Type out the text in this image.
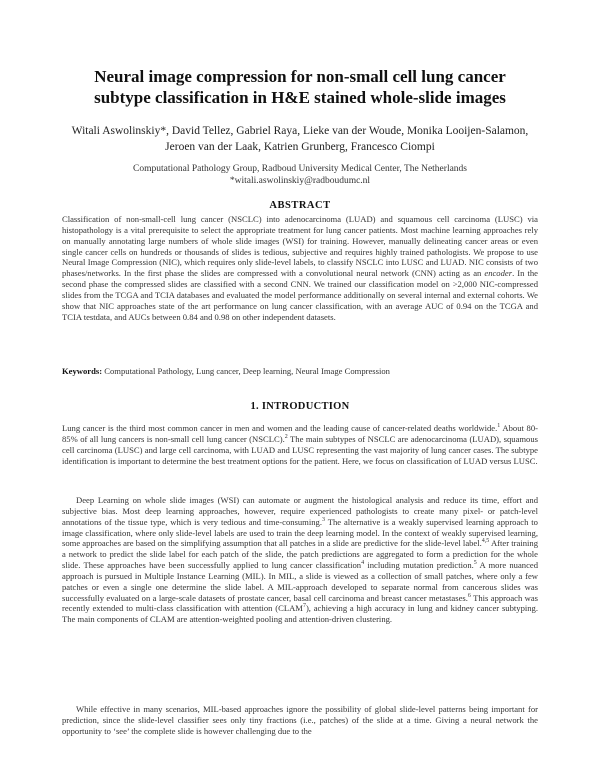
Neural image compression for non-small cell lung cancer
subtype classification in H&E stained whole-slide images
Witali Aswolinskiy*, David Tellez, Gabriel Raya, Lieke van der Woude, Monika Looijen-Salamon,
Jeroen van der Laak, Katrien Grunberg, Francesco Ciompi
Computational Pathology Group, Radboud University Medical Center, The Netherlands
*witali.aswolinskiy@radboudumc.nl
ABSTRACT
Classification of non-small-cell lung cancer (NSCLC) into adenocarcinoma (LUAD) and squamous cell carcinoma (LUSC) via histopathology is a vital prerequisite to select the appropriate treatment for lung cancer patients. Most machine learning approaches rely on manually annotating large numbers of whole slide images (WSI) for training. However, manually delineating cancer areas or even single cancer cells on hundreds or thousands of slides is tedious, subjective and requires highly trained pathologists. We propose to use Neural Image Compression (NIC), which requires only slide-level labels, to classify NSCLC into LUSC and LUAD. NIC consists of two phases/networks. In the first phase the slides are compressed with a convolutional neural network (CNN) acting as an encoder. In the second phase the compressed slides are classified with a second CNN. We trained our classification model on >2,000 NIC-compressed slides from the TCGA and TCIA databases and evaluated the model performance additionally on several internal and external cohorts. We show that NIC approaches state of the art performance on lung cancer classification, with an average AUC of 0.94 on the TCGA and TCIA testdata, and AUCs between 0.84 and 0.98 on other independent datasets.
Keywords: Computational Pathology, Lung cancer, Deep learning, Neural Image Compression
1. INTRODUCTION
Lung cancer is the third most common cancer in men and women and the leading cause of cancer-related deaths worldwide.$^1$ About 80-85% of all lung cancers is non-small cell lung cancer (NSCLC).$^2$ The main subtypes of NSCLC are adenocarcinoma (LUAD), squamous cell carcinoma (LUSC) and large cell carcinoma, with LUAD and LUSC representing the vast majority of lung cancer cases. The subtype identification is important to determine the best treatment options for the patient. Here, we focus on classification of LUAD versus LUSC.
Deep Learning on whole slide images (WSI) can automate or augment the histological analysis and reduce its time, effort and subjective bias. Most deep learning approaches, however, require experienced pathologists to create many pixel- or patch-level annotations of the tissue type, which is very tedious and time-consuming.$^3$ The alternative is a weakly supervised learning approach to image classification, where only slide-level labels are used to train the deep learning model. In the context of weakly supervised learning, some approaches are based on the simplifying assumption that all patches in a slide are predictive for the slide-level label.$^{4,5}$ After training a network to predict the slide label for each patch of the slide, the patch predictions are aggregated to form a prediction for the whole slide. These approaches have been successfully applied to lung cancer classification$^4$ including mutation prediction.$^5$ A more nuanced approach is pursued in Multiple Instance Learning (MIL). In MIL, a slide is viewed as a collection of small patches, where only a few patches or even a single one determine the slide label. A MIL-approach developed to separate normal from cancerous slides was successfully evaluated on a large-scale datasets of prostate cancer, basal cell carcinoma and breast cancer metastases.$^6$ This approach was recently extended to multi-class classification with attention (CLAM$^7$), achieving a high accuracy in lung and kidney cancer subtyping. The main components of CLAM are attention-weighted pooling and attention-driven clustering.
While effective in many scenarios, MIL-based approaches ignore the possibility of global slide-level patterns being important for prediction, since the slide-level classifier sees only tiny fractions (i.e., patches) of the slide at a time. Giving a neural network the opportunity to ‘see’ the complete slide is however challenging due to the
